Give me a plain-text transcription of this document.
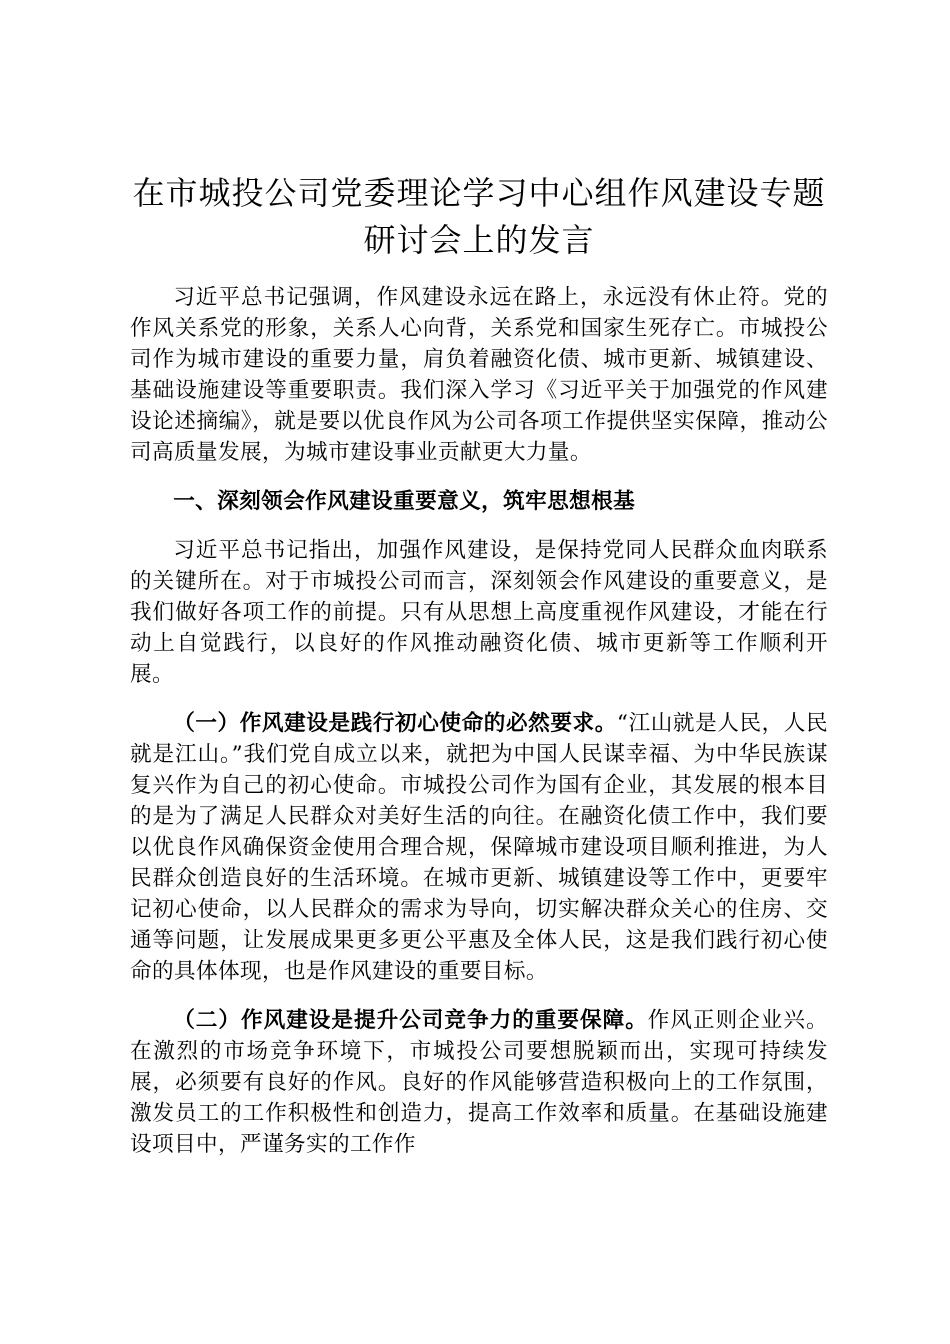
在市城投公司党委理论学习中心组作风建设专题研讨会上的发言

习近平总书记强调，作风建设永远在路上，永远没有休止符。党的作风关系党的形象，关系人心向背，关系党和国家生死存亡。市城投公司作为城市建设的重要力量，肩负着融资化债、城市更新、城镇建设、基础设施建设等重要职责。我们深入学习《习近平关于加强党的作风建设论述摘编》，就是要以优良作风为公司各项工作提供坚实保障，推动公司高质量发展，为城市建设事业贡献更大力量。

一、深刻领会作风建设重要意义，筑牢思想根基

习近平总书记指出，加强作风建设，是保持党同人民群众血肉联系的关键所在。对于市城投公司而言，深刻领会作风建设的重要意义，是我们做好各项工作的前提。只有从思想上高度重视作风建设，才能在行动上自觉践行，以良好的作风推动融资化债、城市更新等工作顺利开展。

（一）作风建设是践行初心使命的必然要求。“江山就是人民，人民就是江山。”我们党自成立以来，就把为中国人民谋幸福、为中华民族谋复兴作为自己的初心使命。市城投公司作为国有企业，其发展的根本目的是为了满足人民群众对美好生活的向往。在融资化债工作中，我们要以优良作风确保资金使用合理合规，保障城市建设项目顺利推进，为人民群众创造良好的生活环境。在城市更新、城镇建设等工作中，更要牢记初心使命，以人民群众的需求为导向，切实解决群众关心的住房、交通等问题，让发展成果更多更公平惠及全体人民，这是我们践行初心使命的具体体现，也是作风建设的重要目标。

（二）作风建设是提升公司竞争力的重要保障。作风正则企业兴。在激烈的市场竞争环境下，市城投公司要想脱颖而出，实现可持续发展，必须要有良好的作风。良好的作风能够营造积极向上的工作氛围，激发员工的工作积极性和创造力，提高工作效率和质量。在基础设施建设项目中，严谨务实的工作作
